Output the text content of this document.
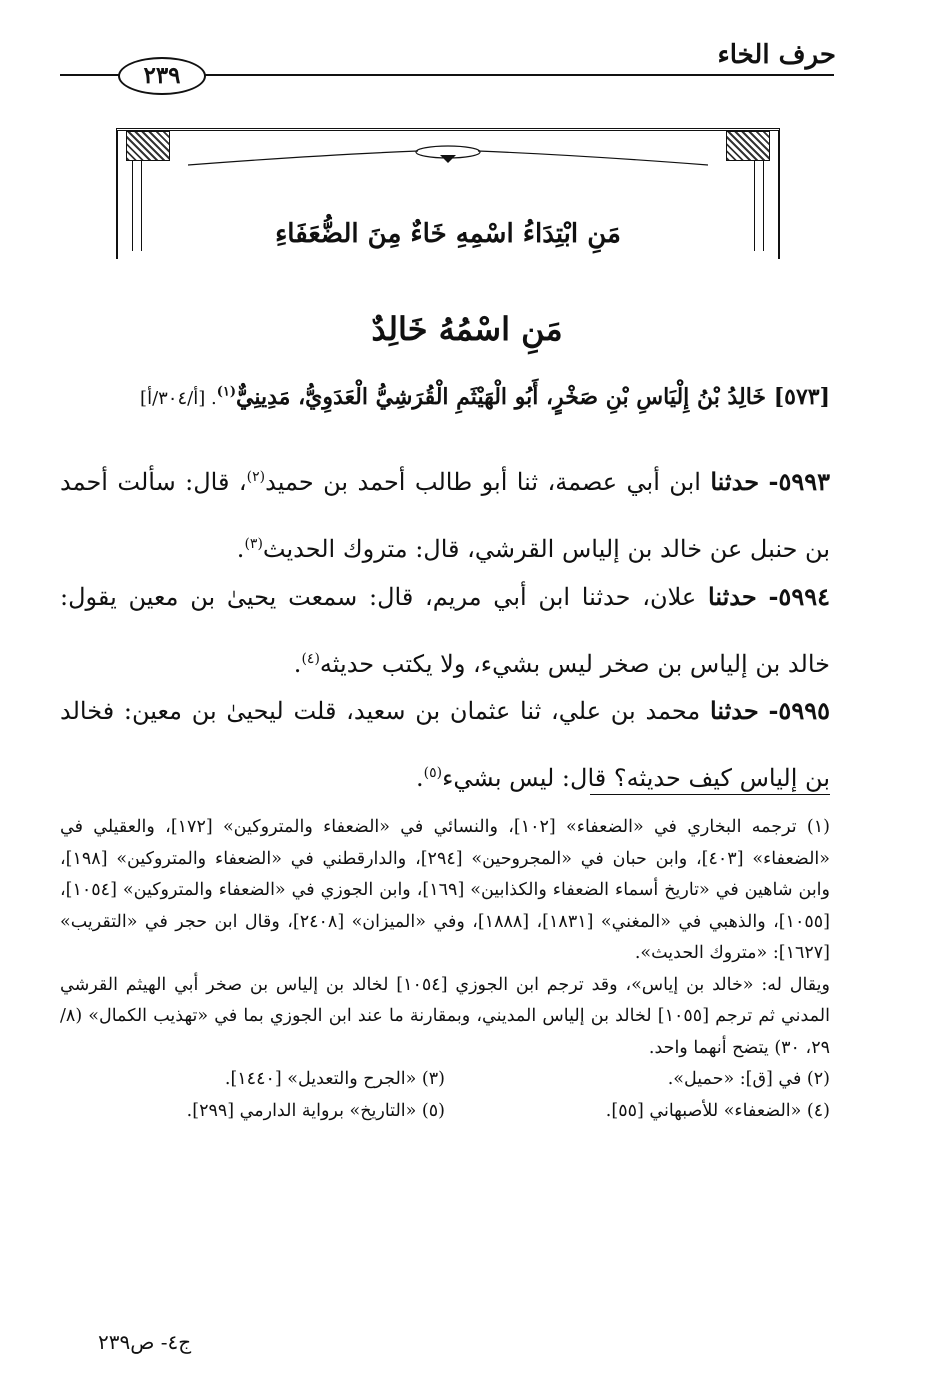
حرف الخاء
٢٣٩
مَنِ ابْتِدَاءُ اسْمِهِ خَاءٌ مِنَ الضُّعَفَاءِ
مَنِ اسْمُهُ خَالِدٌ
[٥٧٣] خَالِدُ بْنُ إِلْيَاسِ بْنِ صَخْرٍ، أَبُو الْهَيْثَمِ الْقُرَشِيُّ الْعَدَوِيُّ، مَدِينِيٌّ$^{(١)}$. [أ/٣٠٤/أ]
٥٩٩٣- حدثنا ابن أبي عصمة، ثنا أبو طالب أحمد بن حميد$^{(٢)}$، قال: سألت أحمد بن حنبل عن خالد بن إلياس القرشي، قال: متروك الحديث$^{(٣)}$.
٥٩٩٤- حدثنا علان، حدثنا ابن أبي مريم، قال: سمعت يحيىٰ بن معين يقول: خالد بن إلياس بن صخر ليس بشيء، ولا يكتب حديثه$^{(٤)}$.
٥٩٩٥- حدثنا محمد بن علي، ثنا عثمان بن سعيد، قلت ليحيىٰ بن معين: فخالد بن إلياس كيف حديثه؟ قال: ليس بشيء$^{(٥)}$.
(١) ترجمه البخاري في «الضعفاء» [١٠٢]، والنسائي في «الضعفاء والمتروكين» [١٧٢]، والعقيلي في «الضعفاء» [٤٠٣]، وابن حبان في «المجروحين» [٢٩٤]، والدارقطني في «الضعفاء والمتروكين» [١٩٨]، وابن شاهين في «تاريخ أسماء الضعفاء والكذابين» [١٦٩]، وابن الجوزي في «الضعفاء والمتروكين» [١٠٥٤]، [١٠٥٥]، والذهبي في «المغني» [١٨٣١]، [١٨٨٨]، وفي «الميزان» [٢٤٠٨]، وقال ابن حجر في «التقريب» [١٦٢٧]: «متروك الحديث».
ويقال له: «خالد بن إياس»، وقد ترجم ابن الجوزي [١٠٥٤] لخالد بن إلياس بن صخر أبي الهيثم القرشي المدني ثم ترجم [١٠٥٥] لخالد بن إلياس المديني، وبمقارنة ما عند ابن الجوزي بما في «تهذيب الكمال» (٨/ ٢٩، ٣٠) يتضح أنهما واحد.
(٢) في [ق]: «حميل».
(٣) «الجرح والتعديل» [١٤٤٠].
(٤) «الضعفاء» للأصبهاني [٥٥].
(٥) «التاريخ» برواية الدارمي [٢٩٩].
ج٤- ص٢٣٩
